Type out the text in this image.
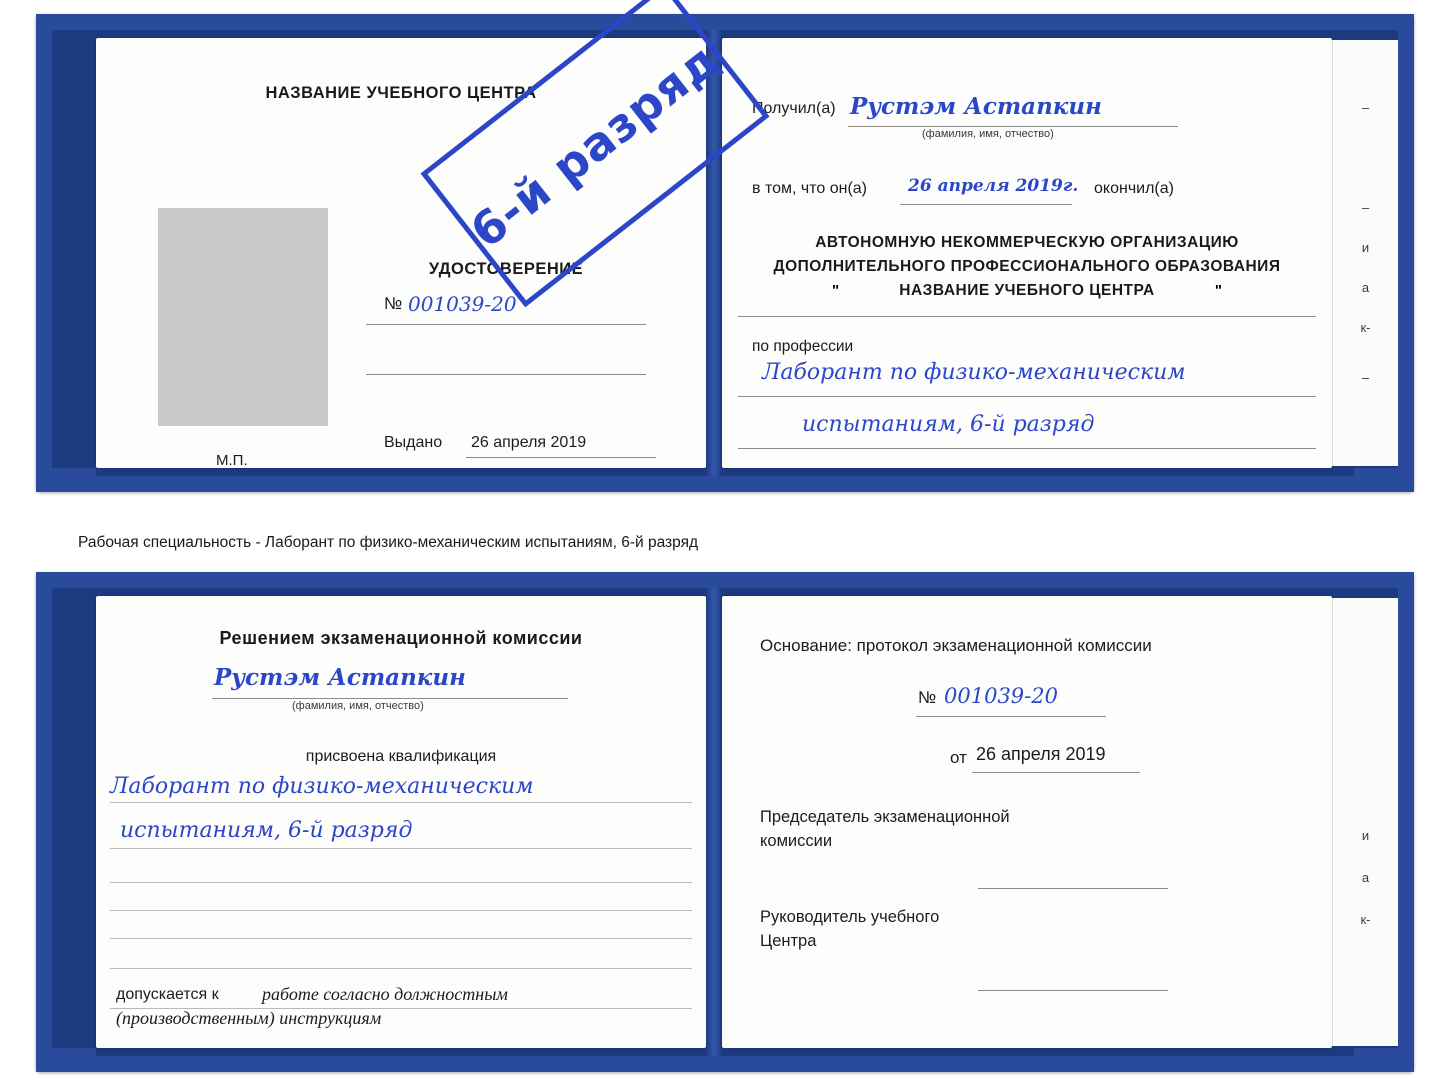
НАЗВАНИЕ УЧЕБНОГО ЦЕНТРА
УДОСТОВЕРЕНИЕ
№ 001039-20
Выдано 26 апреля 2019
М.П.
Получил(а) Рустэм Астапкин
(фамилия, имя, отчество)
в том, что он(а) 26 апреля 2019г. окончил(а)
АВТОНОМНУЮ НЕКОММЕРЧЕСКУЮ ОРГАНИЗАЦИЮ
ДОПОЛНИТЕЛЬНОГО ПРОФЕССИОНАЛЬНОГО ОБРАЗОВАНИЯ
"	НАЗВАНИЕ УЧЕБНОГО ЦЕНТРА	"
по профессии
Лаборант по физико-механическим
испытаниям, 6-й разряд
–
–
и
а
к-
–
6-й разряд
Рабочая специальность - Лаборант по физико-механическим испытаниям, 6-й разряд
Решением экзаменационной комиссии
Рустэм Астапкин
(фамилия, имя, отчество)
присвоена квалификация
Лаборант по физико-механическим
испытаниям, 6-й разряд
допускается к работе согласно должностным
(производственным) инструкциям
Основание: протокол экзаменационной комиссии
№ 001039-20
от 26 апреля 2019
Председатель экзаменационной
комиссии
Руководитель учебного
Центра
и
а
к-
